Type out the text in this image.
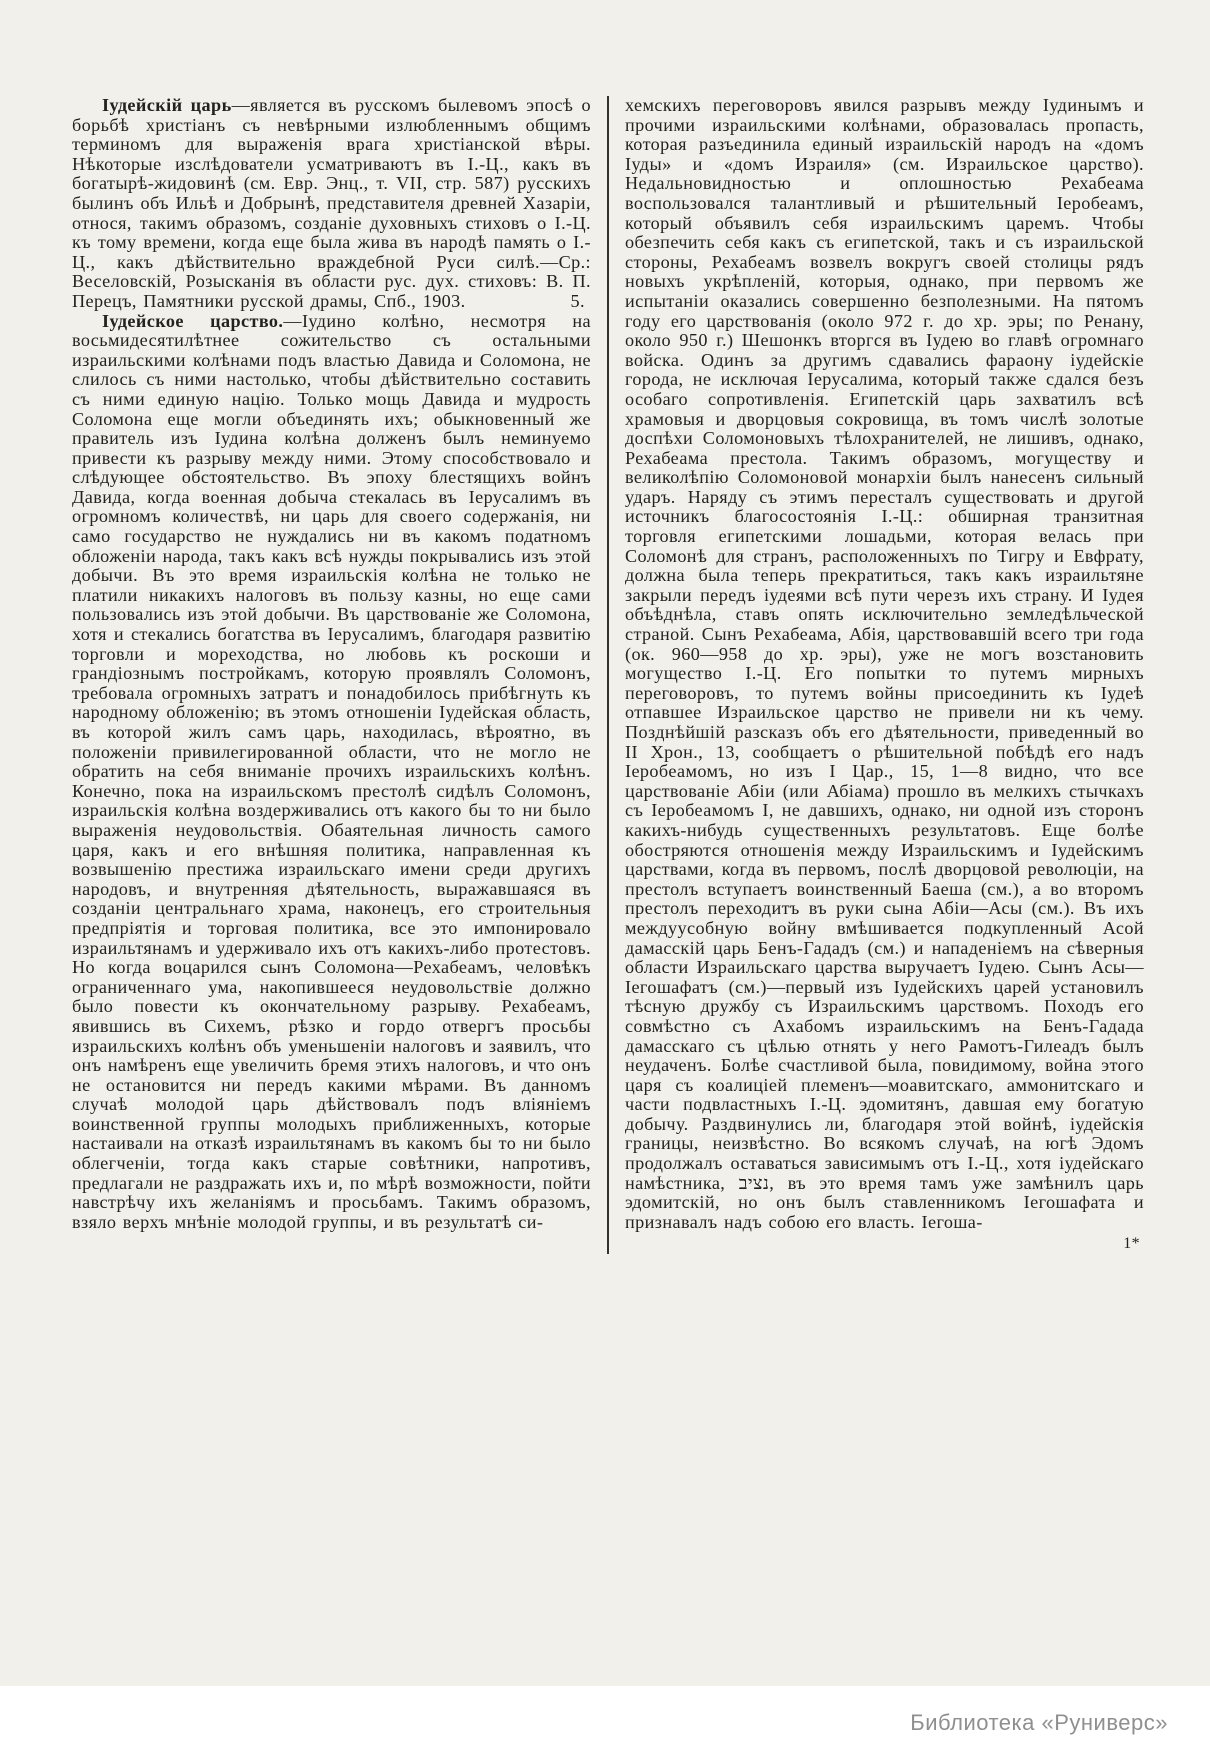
Іудейскій царь—является въ русскомъ былевомъ эпосѣ о борьбѣ христіанъ съ невѣрными излюбленнымъ общимъ терминомъ для выраженія врага христіанской вѣры. Нѣкоторые изслѣдователи усматриваютъ въ І.-Ц., какъ въ богатырѣ-жидовинѣ (см. Евр. Энц., т. VII, стр. 587) русскихъ былинъ объ Ильѣ и Добрынѣ, представителя древней Хазаріи, относя, такимъ образомъ, созданіе духовныхъ стиховъ о І.-Ц. къ тому времени, когда еще была жива въ народѣ память о І.-Ц., какъ дѣйствительно враждебной Руси силѣ.—Ср.: Веселовскій, Розысканія въ области рус. дух. стиховъ: В. П. Перецъ, Памятники русской драмы, Спб., 1903.	5.

Іудейское царство.—Іудино колѣно, несмотря на восьмидесятилѣтнее сожительство съ остальными израильскими колѣнами подъ властью Давида и Соломона, не слилось съ ними настолько, чтобы дѣйствительно составить съ ними единую націю. Только мощь Давида и мудрость Соломона еще могли объединять ихъ; обыкновенный же правитель изъ Іудина колѣна долженъ былъ неминуемо привести къ разрыву между ними. Этому способствовало и слѣдующее обстоятельство. Въ эпоху блестящихъ войнъ Давида, когда военная добыча стекалась въ Іерусалимъ въ огромномъ количествѣ, ни царь для своего содержанія, ни само государство не нуждались ни въ какомъ податномъ обложеніи народа, такъ какъ всѣ нужды покрывались изъ этой добычи. Въ это время израильскія колѣна не только не платили никакихъ налоговъ въ пользу казны, но еще сами пользовались изъ этой добычи. Въ царствованіе же Соломона, хотя и стекались богатства въ Іерусалимъ, благодаря развитію торговли и мореходства, но любовь къ роскоши и грандіознымъ постройкамъ, которую проявлялъ Соломонъ, требовала огромныхъ затратъ и понадобилось прибѣгнуть къ народному обложенію; въ этомъ отношеніи Іудейская область, въ которой жилъ самъ царь, находилась, вѣроятно, въ положеніи привилегированной области, что не могло не обратить на себя вниманіе прочихъ израильскихъ колѣнъ. Конечно, пока на израильскомъ престолѣ сидѣлъ Соломонъ, израильскія колѣна воздерживались отъ какого бы то ни было выраженія неудовольствія. Обаятельная личность самого царя, какъ и его внѣшняя политика, направленная къ возвышенію престижа израильскаго имени среди другихъ народовъ, и внутренняя дѣятельность, выражавшаяся въ созданіи центральнаго храма, наконецъ, его строительныя предпріятія и торговая политика, все это импонировало израильтянамъ и удерживало ихъ отъ какихъ-либо протестовъ. Но когда воцарился сынъ Соломона—Рехабеамъ, человѣкъ ограниченнаго ума, накопившееся неудовольствіе должно было повести къ окончательному разрыву. Рехабеамъ, явившись въ Сихемъ, рѣзко и гордо отвергъ просьбы израильскихъ колѣнъ объ уменьшеніи налоговъ и заявилъ, что онъ намѣренъ еще увеличить бремя этихъ налоговъ, и что онъ не остановится ни передъ какими мѣрами. Въ данномъ случаѣ молодой царь дѣйствовалъ подъ вліяніемъ воинственной группы молодыхъ приближенныхъ, которые настаивали на отказѣ израильтянамъ въ какомъ бы то ни было облегченіи, тогда какъ старые совѣтники, напротивъ, предлагали не раздражать ихъ и, по мѣрѣ возможности, пойти навстрѣчу ихъ желаніямъ и просьбамъ. Такимъ образомъ, взяло верхъ мнѣніе молодой группы, и въ результатѣ си-

хемскихъ переговоровъ явился разрывъ между Іудинымъ и прочими израильскими колѣнами, образовалась пропасть, которая разъединила единый израильскій народъ на «домъ Іуды» и «домъ Израиля» (см. Израильское царство). Недальновидностью и оплошностью Рехабеама воспользовался талантливый и рѣшительный Іеробеамъ, который объявилъ себя израильскимъ царемъ. Чтобы обезпечить себя какъ съ египетской, такъ и съ израильской стороны, Рехабеамъ возвелъ вокругъ своей столицы рядъ новыхъ укрѣпленій, которыя, однако, при первомъ же испытаніи оказались совершенно безполезными. На пятомъ году его царствованія (около 972 г. до хр. эры; по Ренану, около 950 г.) Шешонкъ вторгся въ Іудею во главѣ огромнаго войска. Одинъ за другимъ сдавались фараону іудейскіе города, не исключая Іерусалима, который также сдался безъ особаго сопротивленія. Египетскій царь захватилъ всѣ храмовыя и дворцовыя сокровища, въ томъ числѣ золотые доспѣхи Соломоновыхъ тѣлохранителей, не лишивъ, однако, Рехабеама престола. Такимъ образомъ, могуществу и великолѣпію Соломоновой монархіи былъ нанесенъ сильный ударъ. Наряду съ этимъ пересталъ существовать и другой источникъ благосостоянія І.-Ц.: обширная транзитная торговля египетскими лошадьми, которая велась при Соломонѣ для странъ, расположенныхъ по Тигру и Евфрату, должна была теперь прекратиться, такъ какъ израильтяне закрыли передъ іудеями всѣ пути черезъ ихъ страну. И Іудея объѣднѣла, ставъ опять исключительно земледѣльческой страной. Сынъ Рехабеама, Абія, царствовавшій всего три года (ок. 960—958 до хр. эры), уже не могъ возстановить могущество І.-Ц. Его попытки то путемъ мирныхъ переговоровъ, то путемъ войны присоединить къ Іудеѣ отпавшее Израильское царство не привели ни къ чему. Позднѣйшій разсказъ объ его дѣятельности, приведенный во II Хрон., 13, сообщаетъ о рѣшительной побѣдѣ его надъ Іеробеамомъ, но изъ I Цар., 15, 1—8 видно, что все царствованіе Абіи (или Абіама) прошло въ мелкихъ стычкахъ съ Іеробеамомъ I, не давшихъ, однако, ни одной изъ сторонъ какихъ-нибудь существенныхъ результатовъ. Еще болѣе обостряются отношенія между Израильскимъ и Іудейскимъ царствами, когда въ первомъ, послѣ дворцовой революціи, на престолъ вступаетъ воинственный Баеша (см.), а во второмъ престолъ переходитъ въ руки сына Абіи—Асы (см.). Въ ихъ междуусобную войну вмѣшивается подкупленный Асой дамасскій царь Бенъ-Гададъ (см.) и нападеніемъ на сѣверныя области Израильскаго царства выручаетъ Іудею. Сынъ Асы—Іегошафатъ (см.)—первый изъ Іудейскихъ царей установилъ тѣсную дружбу съ Израильскимъ царствомъ. Походъ его совмѣстно съ Ахабомъ израильскимъ на Бенъ-Гадада дамасскаго съ цѣлью отнять у него Рамотъ-Гилеадъ былъ неудаченъ. Болѣе счастливой была, повидимому, война этого царя съ коалиціей племенъ—моавитскаго, аммонитскаго и части подвластныхъ І.-Ц. эдомитянъ, давшая ему богатую добычу. Раздвинулись ли, благодаря этой войнѣ, іудейскія границы, неизвѣстно. Во всякомъ случаѣ, на югѣ Эдомъ продолжалъ оставаться зависимымъ отъ І.-Ц., хотя іудейскаго намѣстника, נציב, въ это время тамъ уже замѣнилъ царь эдомитскій, но онъ былъ ставленникомъ Іегошафата и признавалъ надъ собою его власть. Іегоша-

1*
Библиотека «Руниверс»
